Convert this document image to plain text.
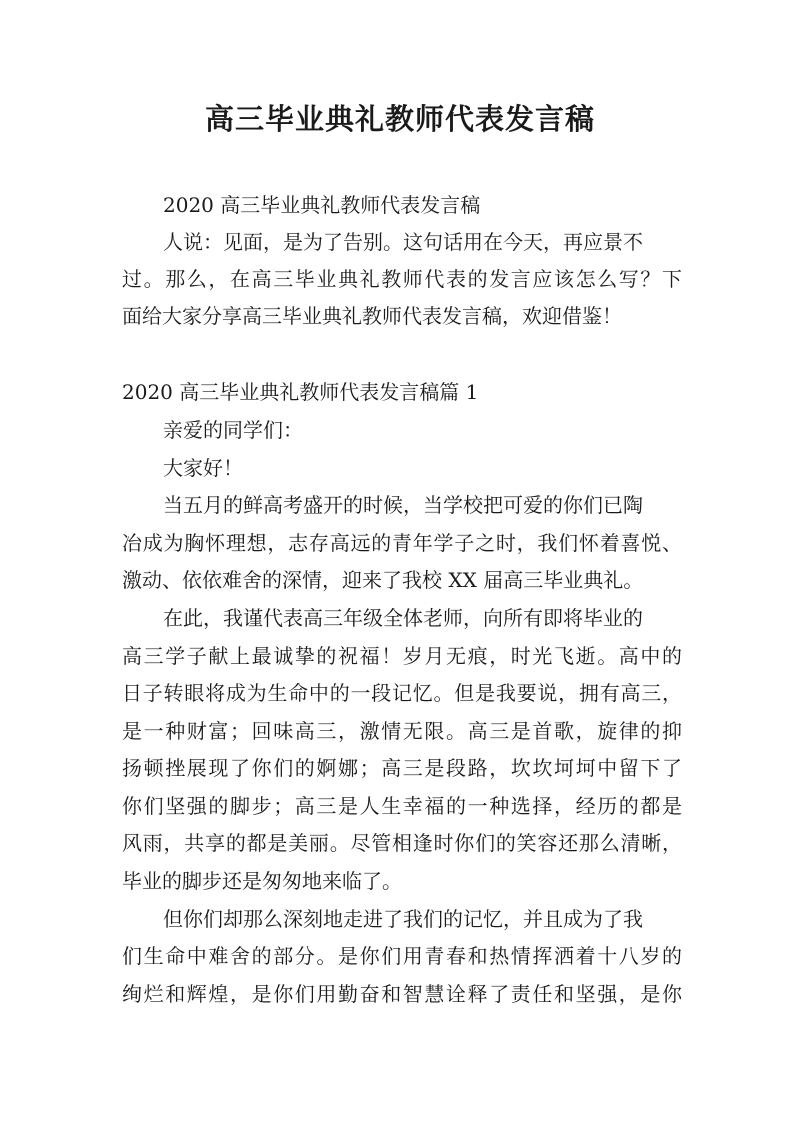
高三毕业典礼教师代表发言稿

2020 高三毕业典礼教师代表发言稿

人说：见面，是为了告别。这句话用在今天，再应景不

过。那么，在高三毕业典礼教师代表的发言应该怎么写？下

面给大家分享高三毕业典礼教师代表发言稿，欢迎借鉴！

2020 高三毕业典礼教师代表发言稿篇 1

亲爱的同学们：

大家好！

当五月的鲜高考盛开的时候，当学校把可爱的你们已陶

冶成为胸怀理想，志存高远的青年学子之时，我们怀着喜悦、

激动、依依难舍的深情，迎来了我校 XX 届高三毕业典礼。

在此，我谨代表高三年级全体老师，向所有即将毕业的

高三学子献上最诚挚的祝福！岁月无痕，时光飞逝。高中的

日子转眼将成为生命中的一段记忆。但是我要说，拥有高三，

是一种财富；回味高三，激情无限。高三是首歌，旋律的抑

扬顿挫展现了你们的婀娜；高三是段路，坎坎坷坷中留下了

你们坚强的脚步；高三是人生幸福的一种选择，经历的都是

风雨，共享的都是美丽。尽管相逢时你们的笑容还那么清晰，

毕业的脚步还是匆匆地来临了。

但你们却那么深刻地走进了我们的记忆，并且成为了我

们生命中难舍的部分。是你们用青春和热情挥洒着十八岁的

绚烂和辉煌，是你们用勤奋和智慧诠释了责任和坚强，是你
